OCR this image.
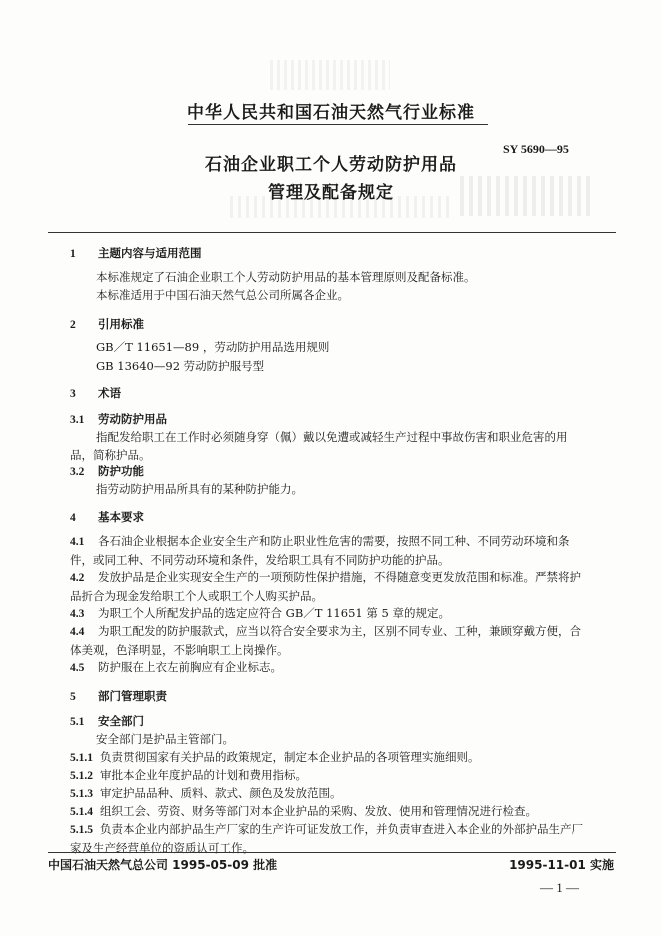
中华人民共和国石油天然气行业标准
SY 5690—95
石油企业职工个人劳动防护用品
管理及配备规定
1 主题内容与适用范围
本标准规定了石油企业职工个人劳动防护用品的基本管理原则及配备标准。
本标准适用于中国石油天然气总公司所属各企业。
2 引用标准
GB／T 11651—89 ，劳动防护用品选用规则
GB 13640—92 劳动防护服号型
3 术语
3.1 劳动防护用品
指配发给职工在工作时必须随身穿（佩）戴以免遭或减轻生产过程中事故伤害和职业危害的用品，简称护品。
3.2 防护功能
指劳动防护用品所具有的某种防护能力。
4 基本要求
4.1 各石油企业根据本企业安全生产和防止职业性危害的需要，按照不同工种、不同劳动环境和条件，或同工种、不同劳动环境和条件，发给职工具有不同防护功能的护品。
4.2 发放护品是企业实现安全生产的一项预防性保护措施，不得随意变更发放范围和标准。严禁将护品折合为现金发给职工个人或职工个人购买护品。
4.3 为职工个人所配发护品的选定应符合 GB／T 11651 第 5 章的规定。
4.4 为职工配发的防护服款式，应当以符合安全要求为主，区别不同专业、工种，兼顾穿戴方便，合体美观，色泽明显，不影响职工上岗操作。
4.5 防护服在上衣左前胸应有企业标志。
5 部门管理职责
5.1 安全部门
安全部门是护品主管部门。
5.1.1 负责贯彻国家有关护品的政策规定，制定本企业护品的各项管理实施细则。
5.1.2 审批本企业年度护品的计划和费用指标。
5.1.3 审定护品品种、质料、款式、颜色及发放范围。
5.1.4 组织工会、劳资、财务等部门对本企业护品的采购、发放、使用和管理情况进行检查。
5.1.5 负责本企业内部护品生产厂家的生产许可证发放工作，并负责审查进入本企业的外部护品生产厂家及生产经营单位的资质认可工作。
中国石油天然气总公司 1995-05-09 批准	1995-11-01 实施
— 1 —
